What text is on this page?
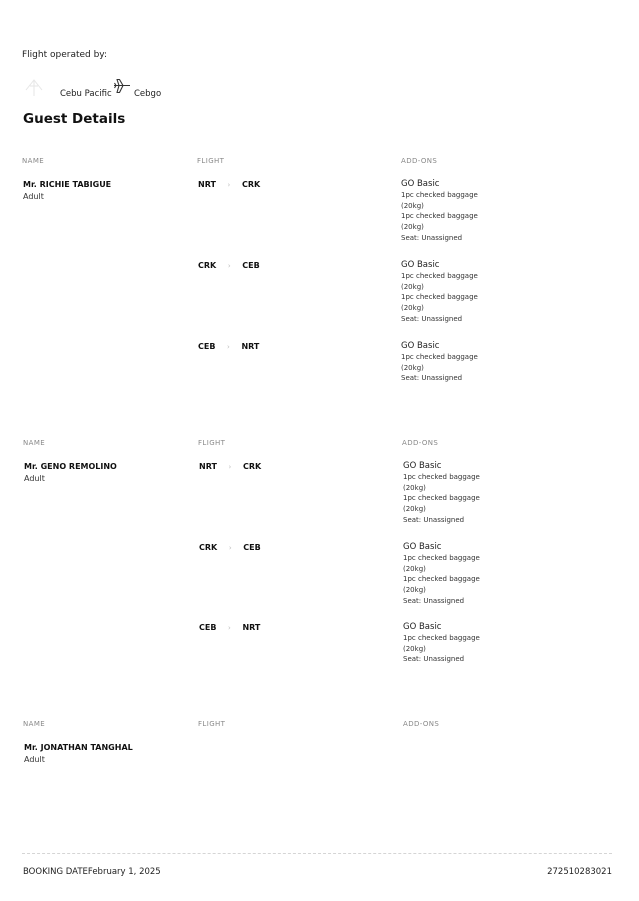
Flight operated by:
Cebu Pacific	Cebgo
Guest Details
NAME	FLIGHT	ADD-ONS
Mr. RICHIE TABIGUE
Adult
NRT › CRK	GO Basic
1pc checked baggage
(20kg)
1pc checked baggage
(20kg)
Seat: Unassigned
CRK › CEB	GO Basic
1pc checked baggage
(20kg)
1pc checked baggage
(20kg)
Seat: Unassigned
CEB › NRT	GO Basic
1pc checked baggage
(20kg)
Seat: Unassigned
NAME	FLIGHT	ADD-ONS
Mr. GENO REMOLINO
Adult
NRT › CRK	GO Basic
1pc checked baggage
(20kg)
1pc checked baggage
(20kg)
Seat: Unassigned
CRK › CEB	GO Basic
1pc checked baggage
(20kg)
1pc checked baggage
(20kg)
Seat: Unassigned
CEB › NRT	GO Basic
1pc checked baggage
(20kg)
Seat: Unassigned
NAME	FLIGHT	ADD-ONS
Mr. JONATHAN TANGHAL
Adult
BOOKING DATEFebruary 1, 2025	272510283021
